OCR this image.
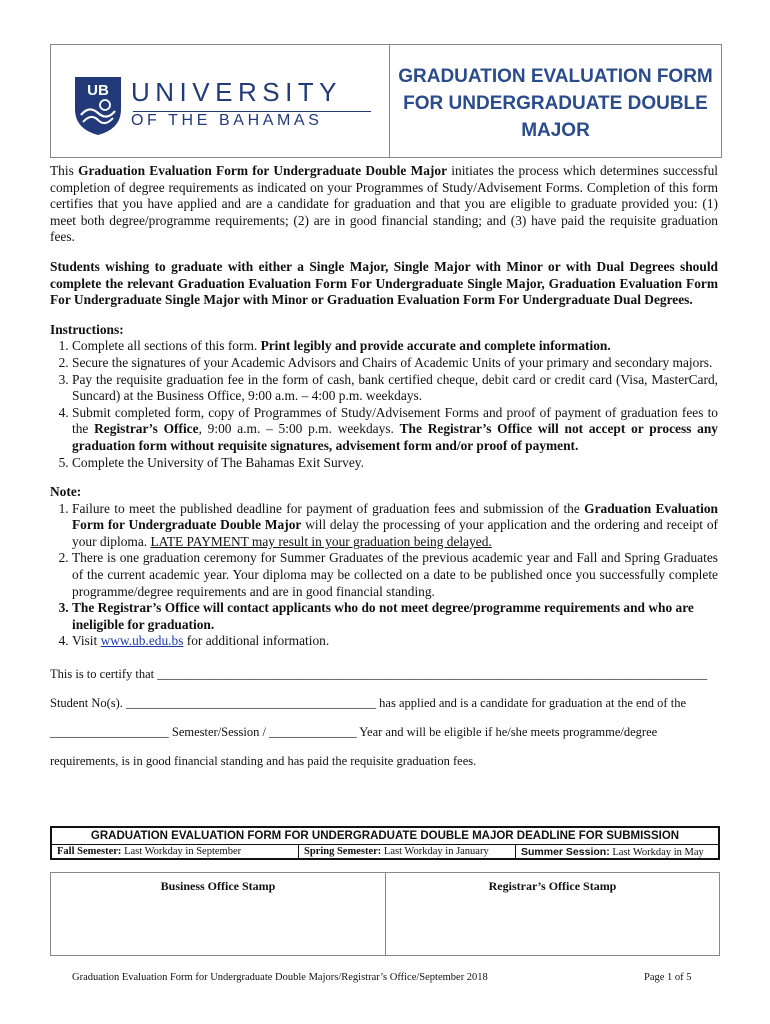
UB UNIVERSITY
OF THE BAHAMAS
GRADUATION EVALUATION FORM FOR UNDERGRADUATE DOUBLE MAJOR

This Graduation Evaluation Form for Undergraduate Double Major initiates the process which determines successful completion of degree requirements as indicated on your Programmes of Study/Advisement Forms. Completion of this form certifies that you have applied and are a candidate for graduation and that you are eligible to graduate provided you: (1) meet both degree/programme requirements; (2) are in good financial standing; and (3) have paid the requisite graduation fees.

Students wishing to graduate with either a Single Major, Single Major with Minor or with Dual Degrees should complete the relevant Graduation Evaluation Form For Undergraduate Single Major, Graduation Evaluation Form For Undergraduate Single Major with Minor or Graduation Evaluation Form For Undergraduate Dual Degrees.

Instructions:

1. Complete all sections of this form. Print legibly and provide accurate and complete information.
2. Secure the signatures of your Academic Advisors and Chairs of Academic Units of your primary and secondary majors.
3. Pay the requisite graduation fee in the form of cash, bank certified cheque, debit card or credit card (Visa, MasterCard, Suncard) at the Business Office, 9:00 a.m. – 4:00 p.m. weekdays.
4. Submit completed form, copy of Programmes of Study/Advisement Forms and proof of payment of graduation fees to the Registrar’s Office, 9:00 a.m. – 5:00 p.m. weekdays. The Registrar’s Office will not accept or process any graduation form without requisite signatures, advisement form and/or proof of payment.
5. Complete the University of The Bahamas Exit Survey.

Note:

1. Failure to meet the published deadline for payment of graduation fees and submission of the Graduation Evaluation Form for Undergraduate Double Major will delay the processing of your application and the ordering and receipt of your diploma. LATE PAYMENT may result in your graduation being delayed.
2. There is one graduation ceremony for Summer Graduates of the previous academic year and Fall and Spring Graduates of the current academic year. Your diploma may be collected on a date to be published once you successfully complete programme/degree requirements and are in good financial standing.
3. The Registrar’s Office will contact applicants who do not meet degree/programme requirements and who are ineligible for graduation.
4. Visit www.ub.edu.bs for additional information.
This is to certify that ________________________________________________________________________________________
Student No(s). ________________________________________ has applied and is a candidate for graduation at the end of the
___________________ Semester/Session / ______________ Year and will be eligible if he/she meets programme/degree
requirements, is in good financial standing and has paid the requisite graduation fees.
GRADUATION EVALUATION FORM FOR UNDERGRADUATE DOUBLE MAJOR DEADLINE FOR SUBMISSION
Fall Semester: Last Workday in September	Spring Semester: Last Workday in January	Summer Session: Last Workday in May
Business Office Stamp	Registrar’s Office Stamp
Graduation Evaluation Form for Undergraduate Double Majors/Registrar’s Office/September 2018	Page 1 of 5
